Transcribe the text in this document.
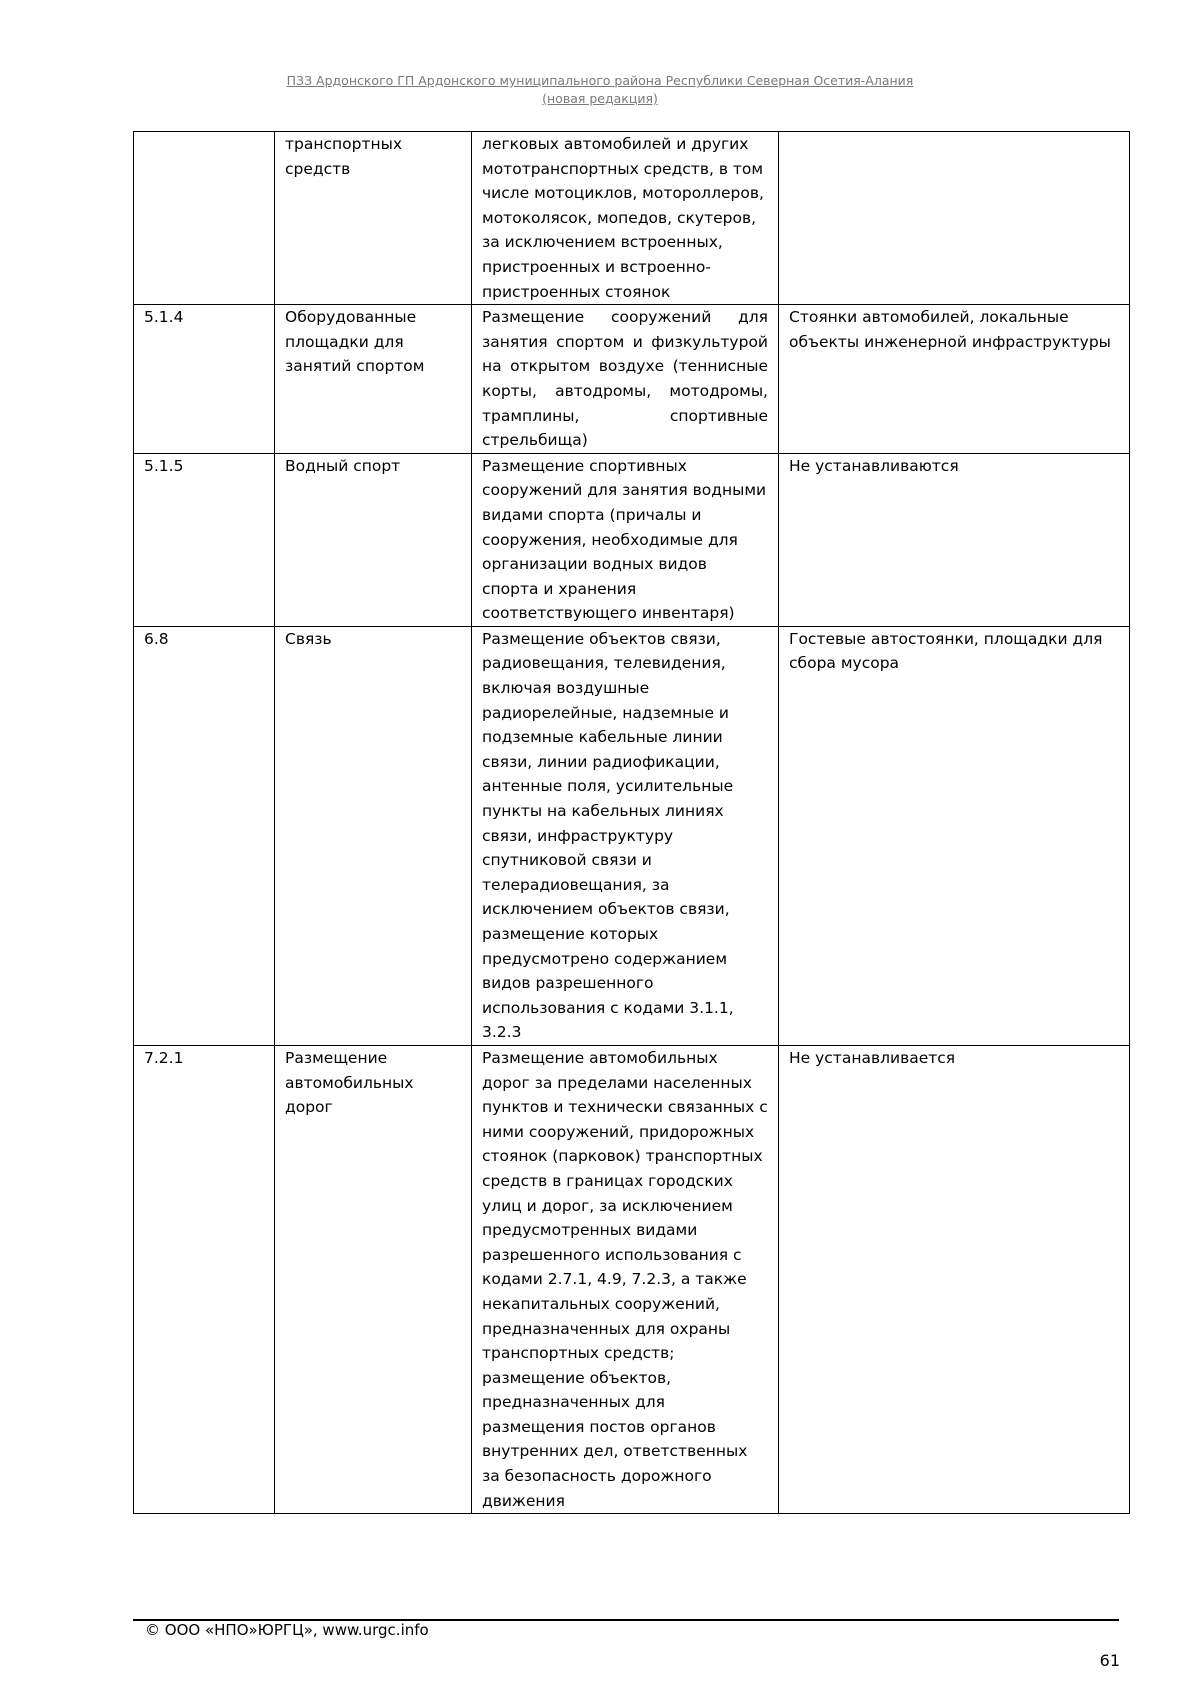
ПЗЗ Ардонского ГП Ардонского муниципального района Республики Северная Осетия-Алания
(новая редакция)
	транспортных средств	легковых автомобилей и других мототранспортных средств, в том числе мотоциклов, мотороллеров, мотоколясок, мопедов, скутеров, за исключением встроенных, пристроенных и встроенно-пристроенных стоянок	
5.1.4	Оборудованные площадки для занятий спортом	Размещение сооружений для занятия спортом и физкультурой на открытом воздухе (теннисные корты, автодромы, мотодромы, трамплины, спортивные стрельбища)	Стоянки автомобилей, локальные объекты инженерной инфраструктуры
5.1.5	Водный спорт	Размещение спортивных сооружений для занятия водными видами спорта (причалы и сооружения, необходимые для организации водных видов спорта и хранения соответствующего инвентаря)	Не устанавливаются
6.8	Связь	Размещение объектов связи, радиовещания, телевидения, включая воздушные радиорелейные, надземные и подземные кабельные линии связи, линии радиофикации, антенные поля, усилительные пункты на кабельных линиях связи, инфраструктуру спутниковой связи и телерадиовещания, за исключением объектов связи, размещение которых предусмотрено содержанием видов разрешенного использования с кодами 3.1.1, 3.2.3	Гостевые автостоянки, площадки для сбора мусора
7.2.1	Размещение автомобильных дорог	Размещение автомобильных дорог за пределами населенных пунктов и технически связанных с ними сооружений, придорожных стоянок (парковок) транспортных средств в границах городских улиц и дорог, за исключением предусмотренных видами разрешенного использования с кодами 2.7.1, 4.9, 7.2.3, а также некапитальных сооружений, предназначенных для охраны транспортных средств; размещение объектов, предназначенных для размещения постов органов внутренних дел, ответственных за безопасность дорожного движения	Не устанавливается
© ООО «НПО»ЮРГЦ», www.urgc.info
61
